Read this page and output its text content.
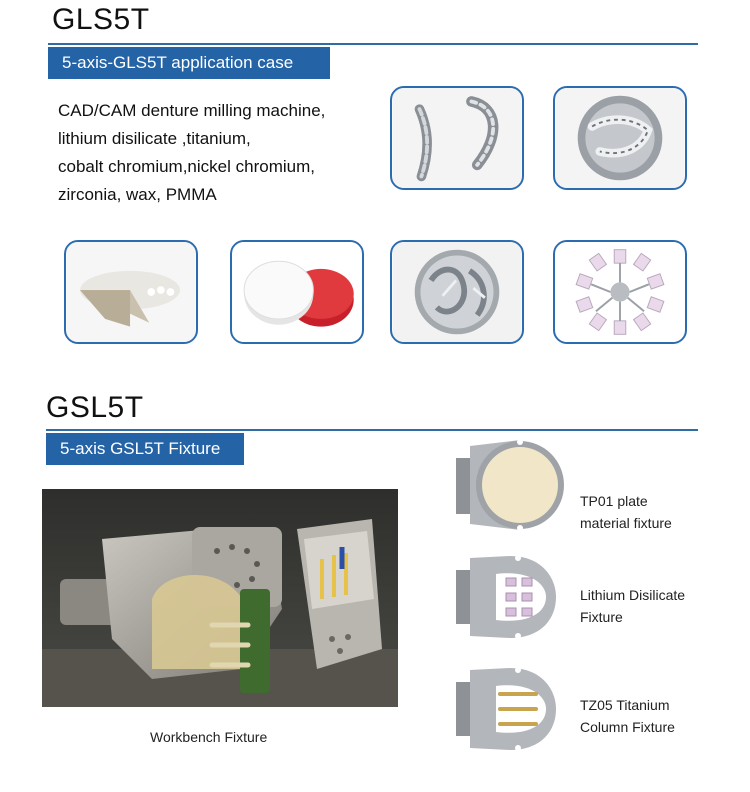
GLS5T
5-axis-GLS5T application case
CAD/CAM denture milling machine,
lithium disilicate ,titanium,
cobalt chromium,nickel chromium,
zirconia, wax, PMMA
GSL5T
5-axis GSL5T Fixture
Workbench Fixture
TP01 plate
material fixture
Lithium Disilicate
Fixture
TZ05 Titanium
Column Fixture
